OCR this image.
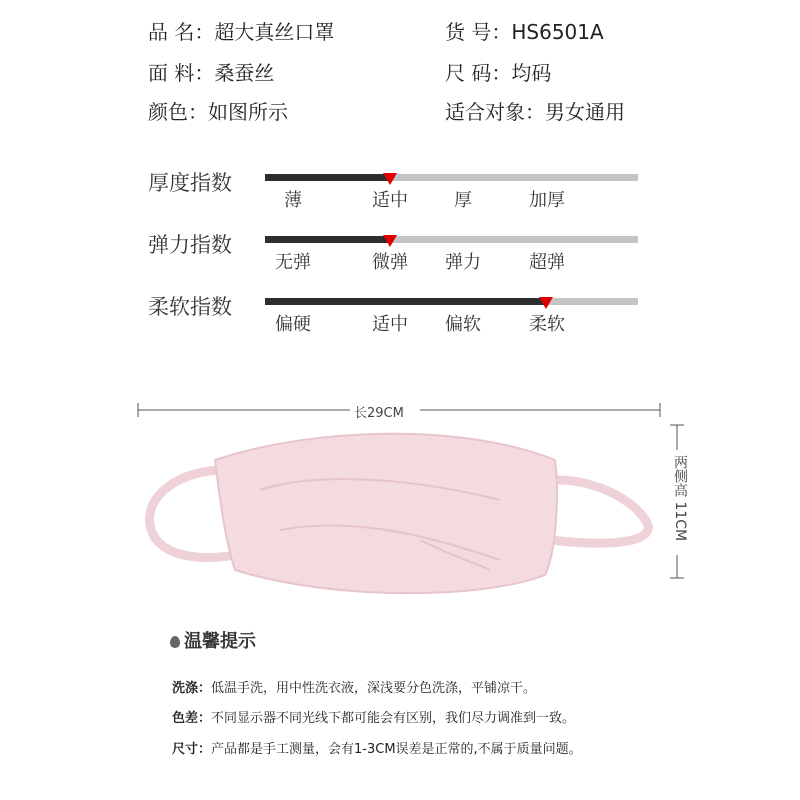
品 名：超大真丝口罩	货 号：HS6501A
面 料：桑蚕丝	尺 码：均码
颜色：如图所示	适合对象：男女通用
厚度指数
薄	适中	厚	加厚
弹力指数
无弹	微弹 弹力	超弹
柔软指数
偏硬	适中 偏软	柔软
长29CM
两侧高 11CM
温馨提示
洗涤：低温手洗，用中性洗衣液，深浅要分色洗涤，平铺凉干。
色差：不同显示器不同光线下都可能会有区别，我们尽力调准到一致。
尺寸：产品都是手工测量，会有1-3CM误差是正常的,不属于质量问题。
